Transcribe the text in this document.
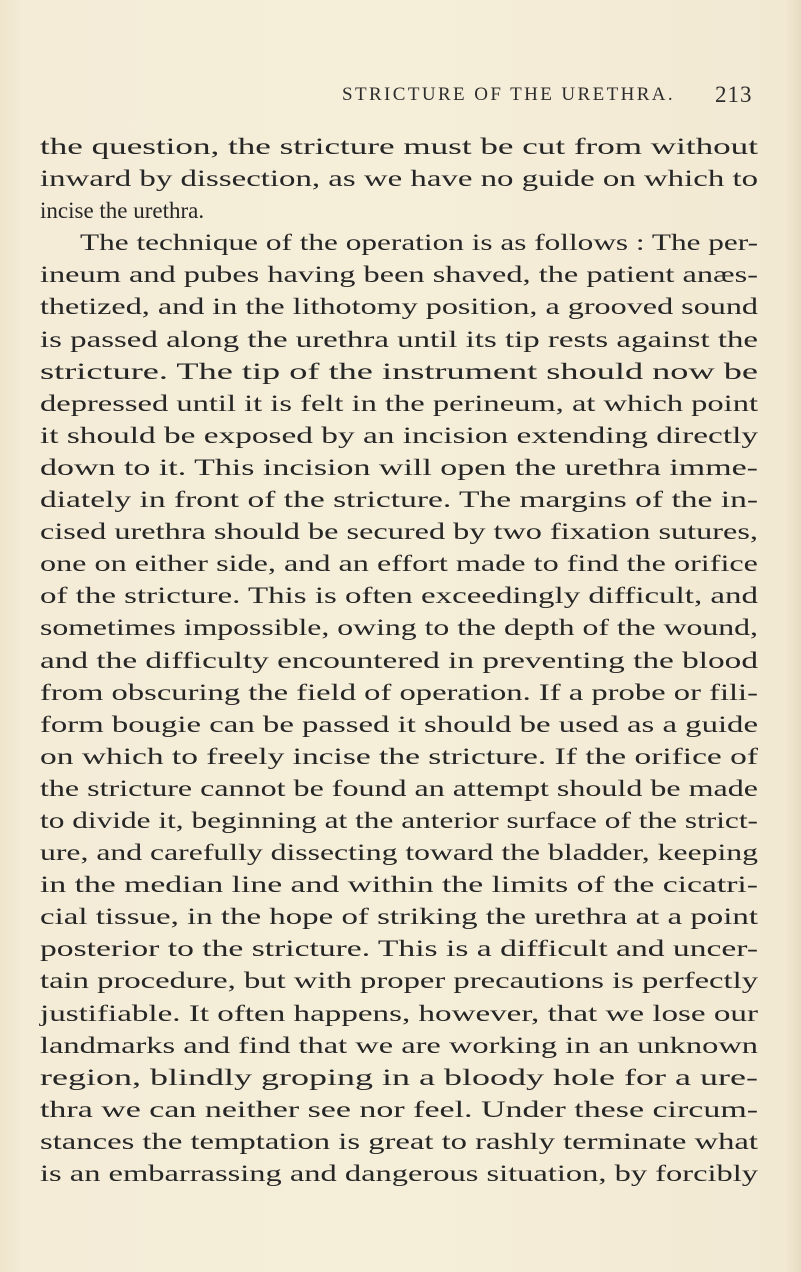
STRICTURE OF THE URETHRA. 213
the question, the stricture must be cut from without
inward by dissection, as we have no guide on which to
incise the urethra.
The technique of the operation is as follows : The per-
ineum and pubes having been shaved, the patient anæs-
thetized, and in the lithotomy position, a grooved sound
is passed along the urethra until its tip rests against the
stricture. The tip of the instrument should now be
depressed until it is felt in the perineum, at which point
it should be exposed by an incision extending directly
down to it. This incision will open the urethra imme-
diately in front of the stricture. The margins of the in-
cised urethra should be secured by two fixation sutures,
one on either side, and an effort made to find the orifice
of the stricture. This is often exceedingly difficult, and
sometimes impossible, owing to the depth of the wound,
and the difficulty encountered in preventing the blood
from obscuring the field of operation. If a probe or fili-
form bougie can be passed it should be used as a guide
on which to freely incise the stricture. If the orifice of
the stricture cannot be found an attempt should be made
to divide it, beginning at the anterior surface of the strict-
ure, and carefully dissecting toward the bladder, keeping
in the median line and within the limits of the cicatri-
cial tissue, in the hope of striking the urethra at a point
posterior to the stricture. This is a difficult and uncer-
tain procedure, but with proper precautions is perfectly
justifiable. It often happens, however, that we lose our
landmarks and find that we are working in an unknown
region, blindly groping in a bloody hole for a ure-
thra we can neither see nor feel. Under these circum-
stances the temptation is great to rashly terminate what
is an embarrassing and dangerous situation, by forcibly
